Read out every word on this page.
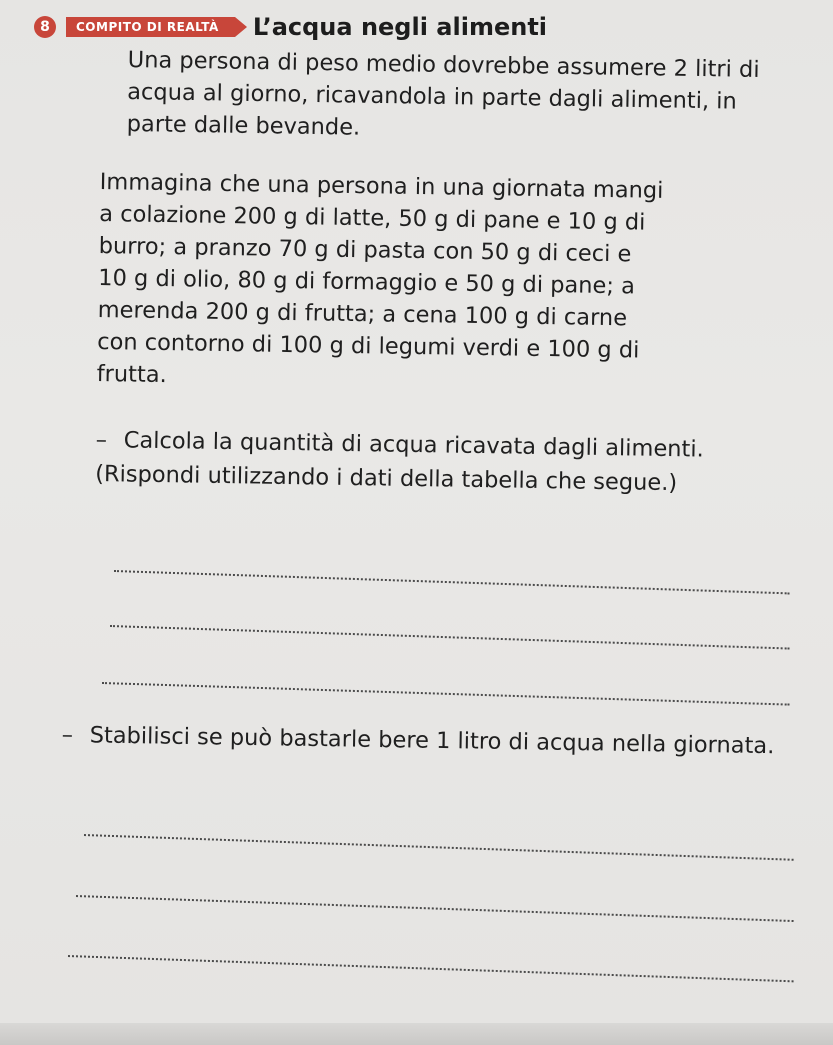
8	COMPITO DI REALTÀ	L’acqua negli alimenti
Una persona di peso medio dovrebbe assumere 2 litri di acqua al giorno, ricavandola in parte dagli alimenti, in parte dalle bevande.
Immagina che una persona in una giornata mangi
a colazione 200 g di latte, 50 g di pane e 10 g di
burro; a pranzo 70 g di pasta con 50 g di ceci e
10 g di olio, 80 g di formaggio e 50 g di pane; a
merenda 200 g di frutta; a cena 100 g di carne
con contorno di 100 g di legumi verdi e 100 g di
frutta.
– Calcola la quantità di acqua ricavata dagli alimenti. (Rispondi utilizzando i dati della tabella che segue.)
– Stabilisci se può bastarle bere 1 litro di acqua nella giornata.
